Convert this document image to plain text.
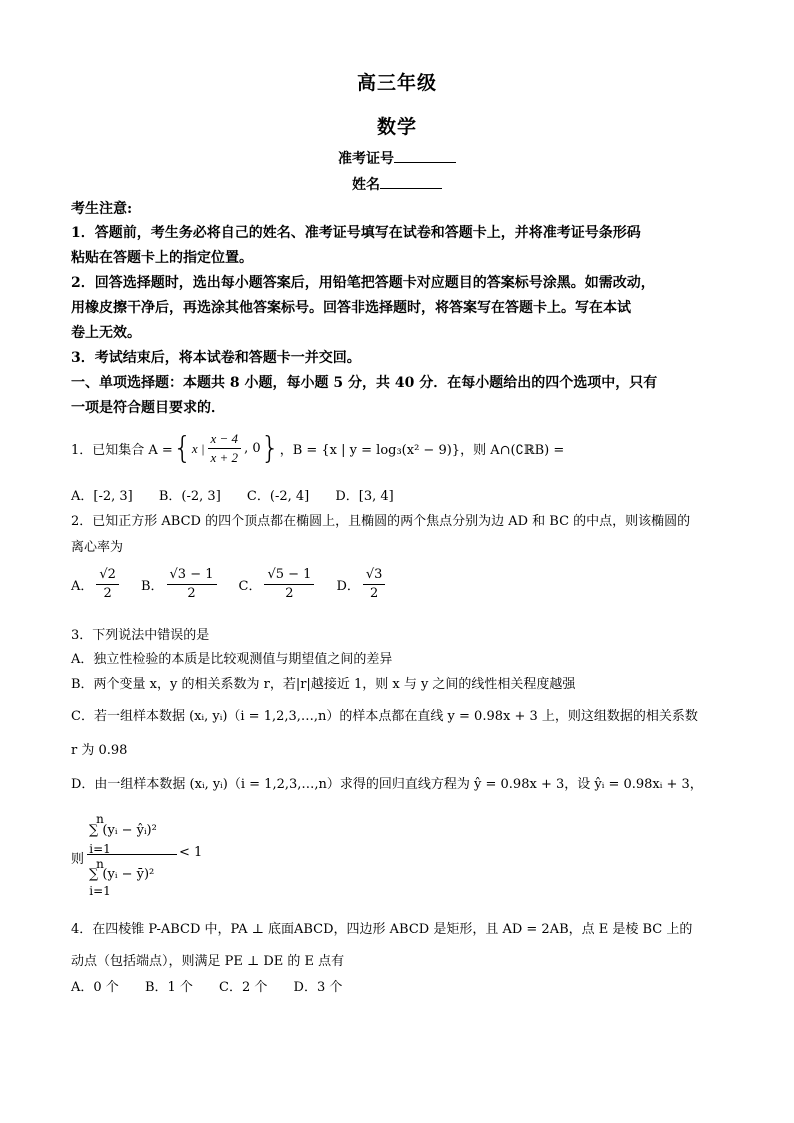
高三年级
数学
准考证号
姓名
考生注意:
1．答题前，考生务必将自己的姓名、准考证号填写在试卷和答题卡上，并将准考证号条形码
粘贴在答题卡上的指定位置。
2．回答选择题时，选出每小题答案后，用铅笔把答题卡对应题目的答案标号涂黑。如需改动，
用橡皮擦干净后，再选涂其他答案标号。回答非选择题时，将答案写在答题卡上。写在本试
卷上无效。
3．考试结束后，将本试卷和答题卡一并交回。
一、单项选择题：本题共 8 小题，每小题 5 分，共 40 分．在每小题给出的四个选项中，只有
一项是符合题目要求的．
1．已知集合 A = { x | $\frac{x - 4}{x + 2}$ , 0 } ，B = {x | y = log₃(x² − 9)}，则 A∩(∁ℝB) =
A．[-2, 3] B．(-2, 3] C．(-2, 4] D．[3, 4]
2．已知正方形 ABCD 的四个顶点都在椭圆上，且椭圆的两个焦点分别为边 AD 和 BC 的中点，则该椭圆的
离心率为
A． $\frac{√2}{2}$ B． $\frac{√3 - 1}{2}$ C． $\frac{√5 - 1}{2}$ D． $\frac{√3}{2}$
3．下列说法中错误的是
A．独立性检验的本质是比较观测值与期望值之间的差异
B．两个变量 x，y 的相关系数为 r，若|r|越接近 1，则 x 与 y 之间的线性相关程度越强
C．若一组样本数据 (xᵢ, yᵢ)（i = 1,2,3,…,n）的样本点都在直线 y = 0.98x + 3 上，则这组数据的相关系数
r 为 0.98
D．由一组样本数据 (xᵢ, yᵢ)（i = 1,2,3,…,n）求得的回归直线方程为 ŷ = 0.98x + 3，设 ŷᵢ = 0.98xᵢ + 3，
则
n
i=1
∑ (yᵢ − ŷᵢ)²
n
i=1
∑ (yᵢ − ȳ)²
< 1
4．在四棱锥 P-ABCD 中，PA ⊥ 底面ABCD，四边形 ABCD 是矩形，且 AD = 2AB，点 E 是棱 BC 上的
动点（包括端点），则满足 PE ⊥ DE 的 E 点有
A．0 个 B．1 个 C．2 个 D．3 个
